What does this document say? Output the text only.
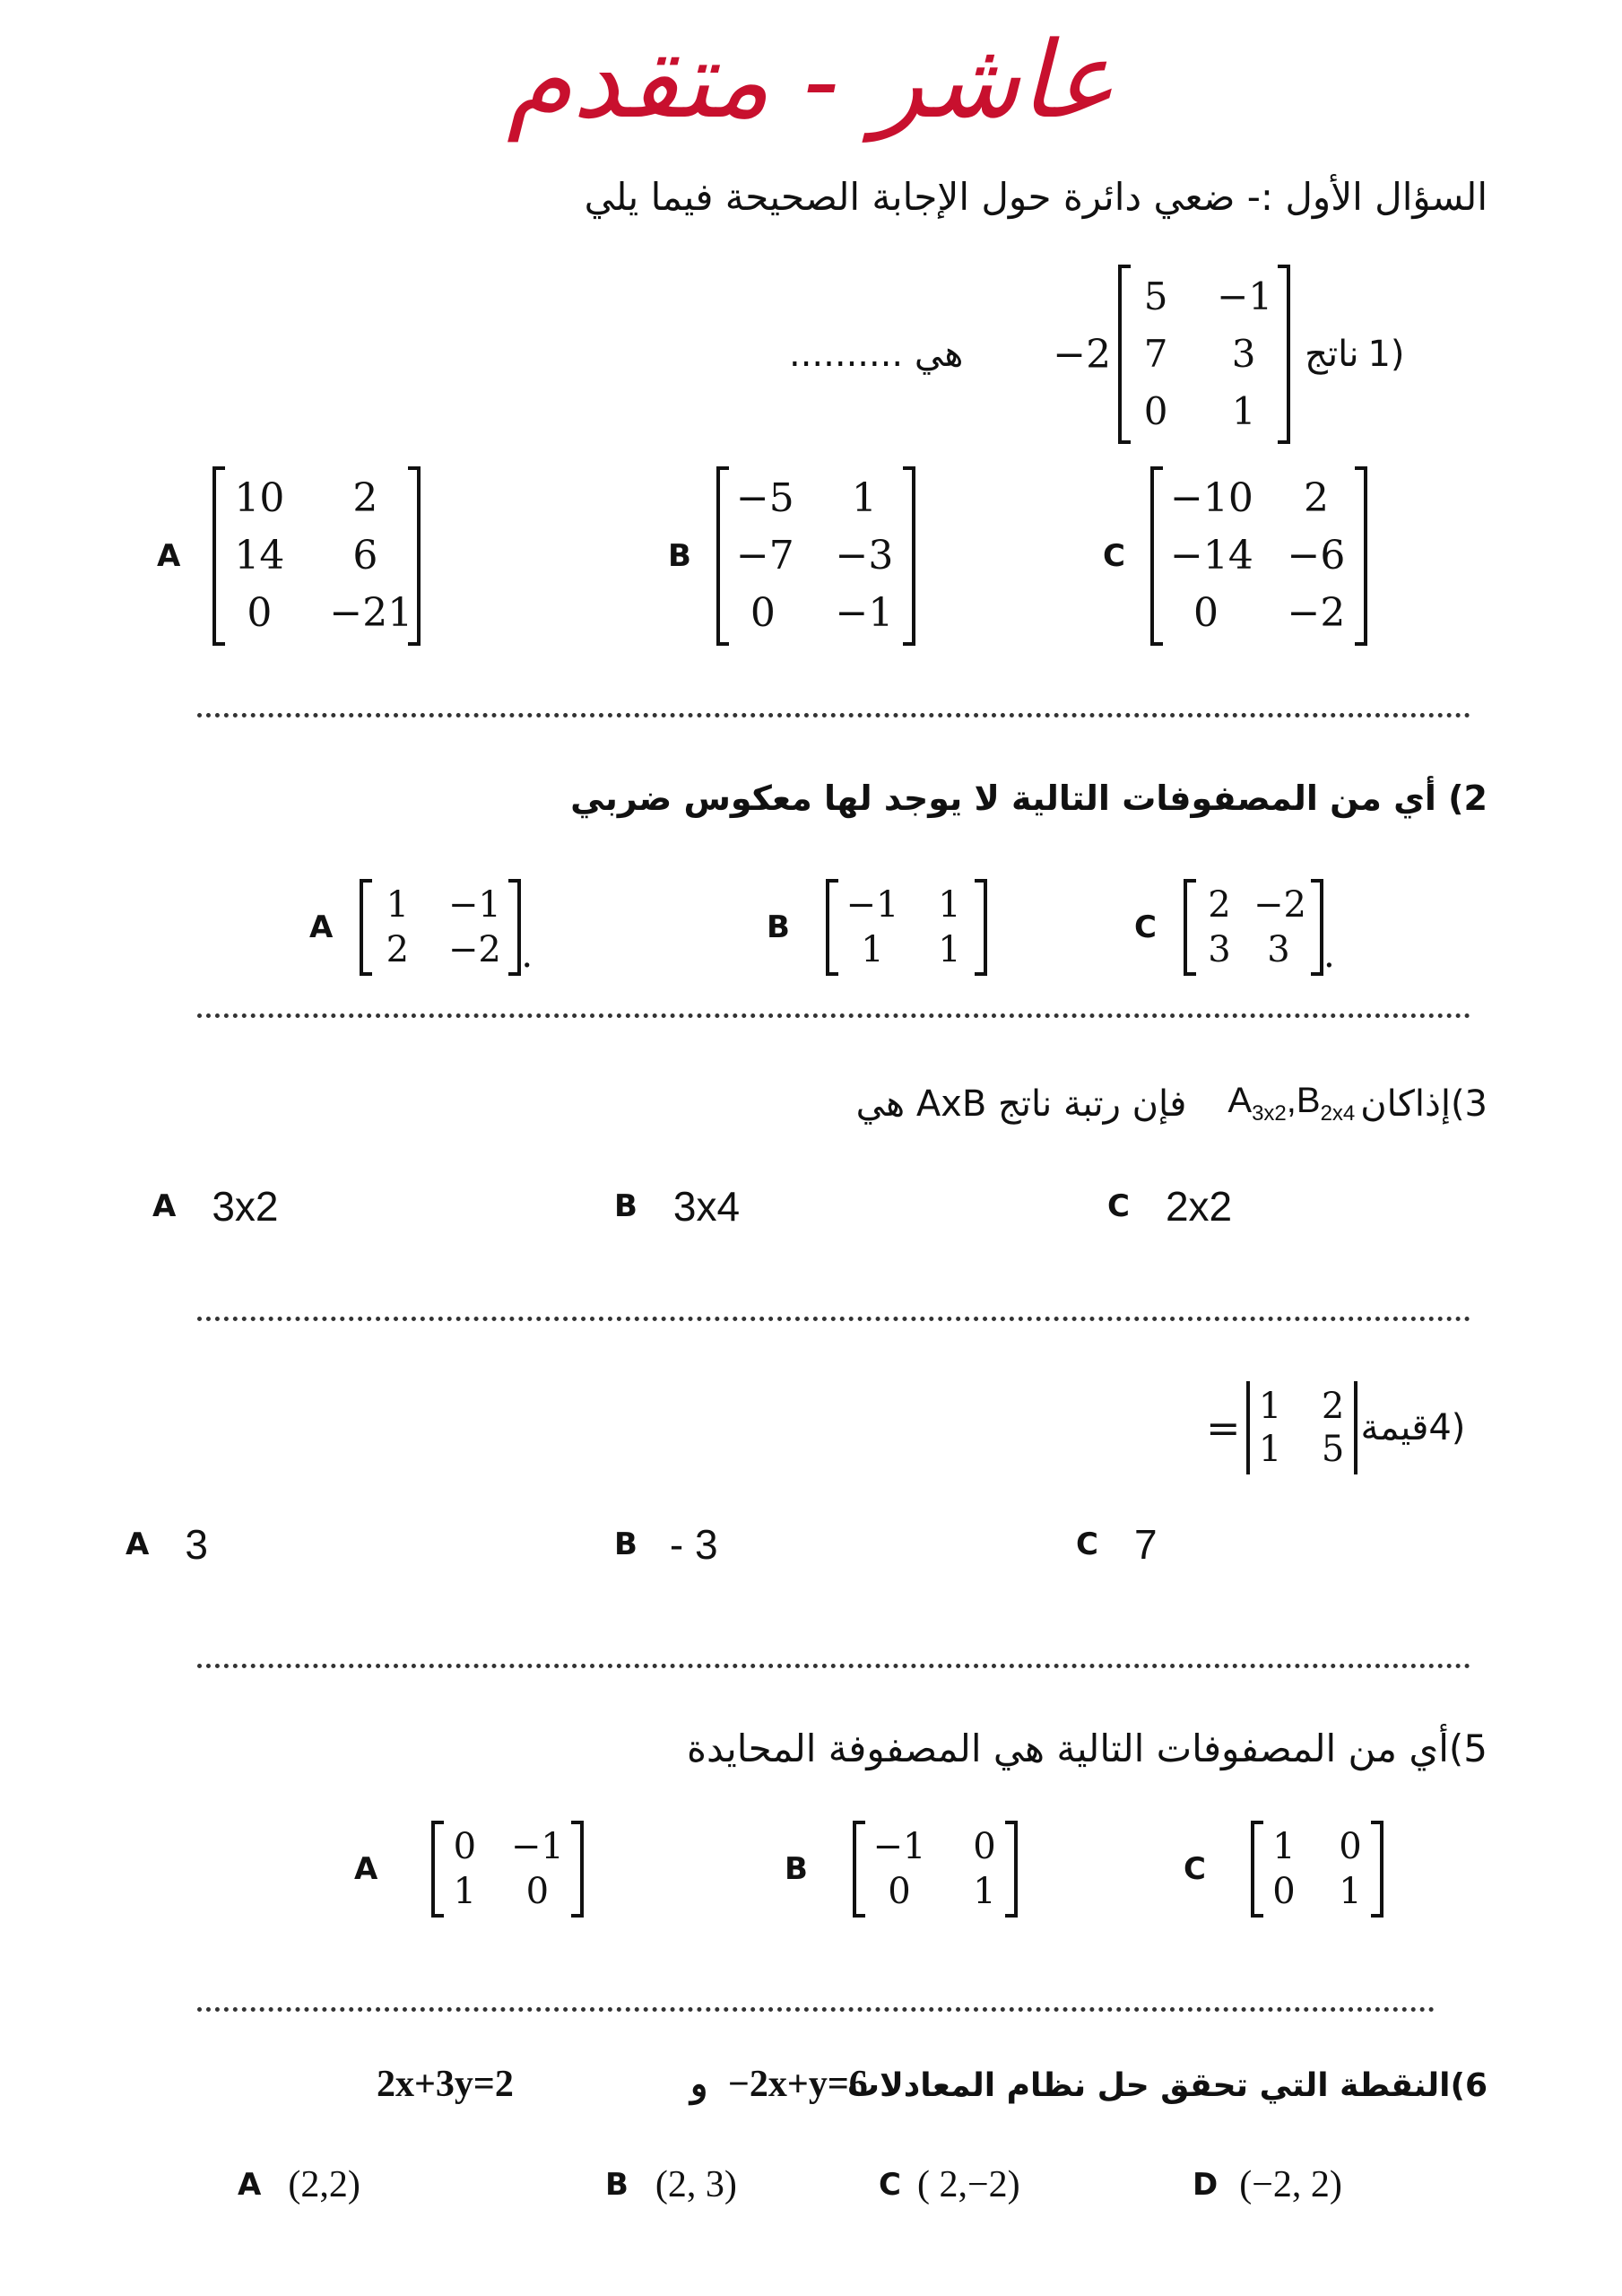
عاشر - متقدم
السؤال الأول :- ضعي دائرة حول الإجابة الصحيحة فيما يلي
هي .......... −2
5 −1
7	3
0	1
ناتج 1)
A
10	2
14	6
0	−21
B
−5	1
−7 −3
0	−1
C
−10	2
−14 −6
0	−2
2) أي من المصفوفات التالية لا يوجد لها معكوس ضربي
A
1 −1
2 −2 .
B
−1 1
1	1
C
2 −2
3	3 .
3)
إذاكان
$A_{3x2},B_{2x4}$
فإن رتبة ناتج AxB هي
A 3x2	B 3x4	C 2x2
= 1 2
1 5
قيمة 4)
A 3	B - 3	C 7
5)أي من المصفوفات التالية هي المصفوفة المحايدة
A
0 −1
1	0
B
−1 0
0	1
C
1 0
0 1
2x+3y=2	و −2x+y=6
6)النقطة التي تحقق حل نظام المعادلات
A (2,2)	B (2, 3)	C ( 2,−2)	D (−2, 2)
